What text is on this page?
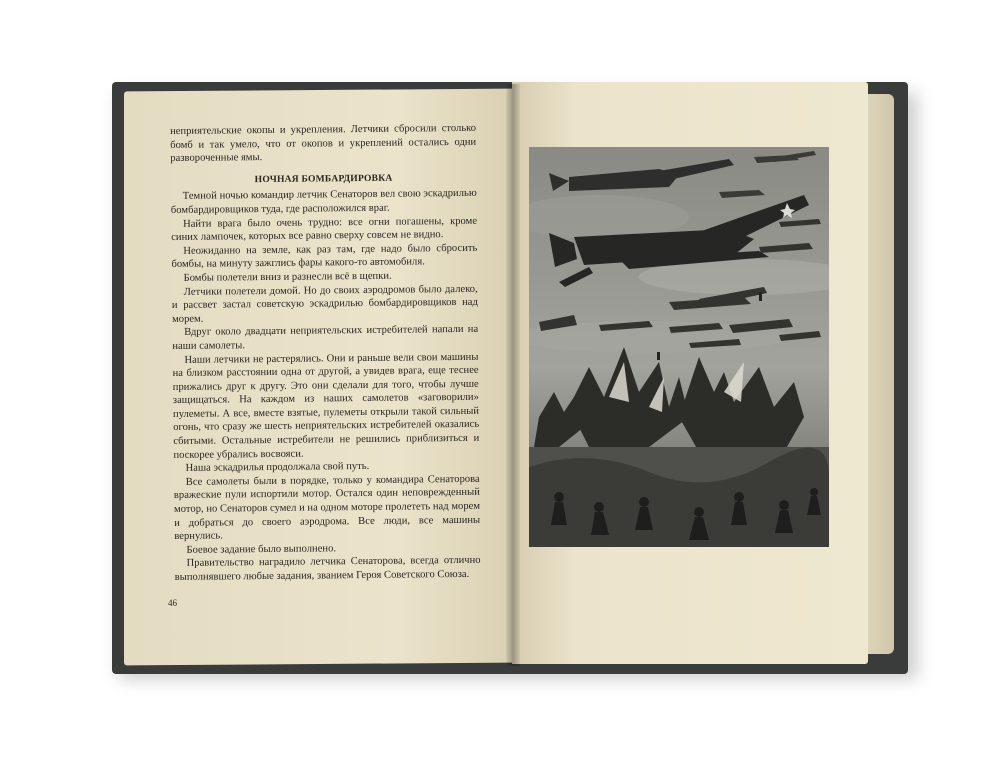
неприятельские окопы и укрепления. Летчики сбросили столько бомб и так умело, что от окопов и укреплений остались одни развороченные ямы.

НОЧНАЯ БОМБАРДИРОВКА

Темной ночью командир летчик Сенаторов вел свою эскадрилью бомбардировщиков туда, где расположился враг.

Найти врага было очень трудно: все огни погашены, кроме синих лампочек, которых все равно сверху совсем не видно.

Неожиданно на земле, как раз там, где надо было сбросить бомбы, на минуту зажглись фары какого-то автомобиля.

Бомбы полетели вниз и разнесли всё в щепки.

Летчики полетели домой. Но до своих аэродромов было далеко, и рассвет застал советскую эскадрилью бомбардировщиков над морем.

Вдруг около двадцати неприятельских истребителей напали на наши самолеты.

Наши летчики не растерялись. Они и раньше вели свои машины на близком расстоянии одна от другой, а увидев врага, еще теснее прижались друг к другу. Это они сделали для того, чтобы лучше защищаться. На каждом из наших самолетов «заговорили» пулеметы. А все, вместе взятые, пулеметы открыли такой сильный огонь, что сразу же шесть неприятельских истребителей оказались сбитыми. Остальные истребители не решились приблизиться и поскорее убрались восвояси.

Наша эскадрилья продолжала свой путь.

Все самолеты были в порядке, только у командира Сенаторова вражеские пули испортили мотор. Остался один неповрежденный мотор, но Сенаторов сумел и на одном моторе пролететь над морем и добраться до своего аэродрома. Все люди, все машины вернулись.

Боевое задание было выполнено.

Правительство наградило летчика Сенаторова, всегда отлично выполнявшего любые задания, званием Героя Советского Союза.

46
